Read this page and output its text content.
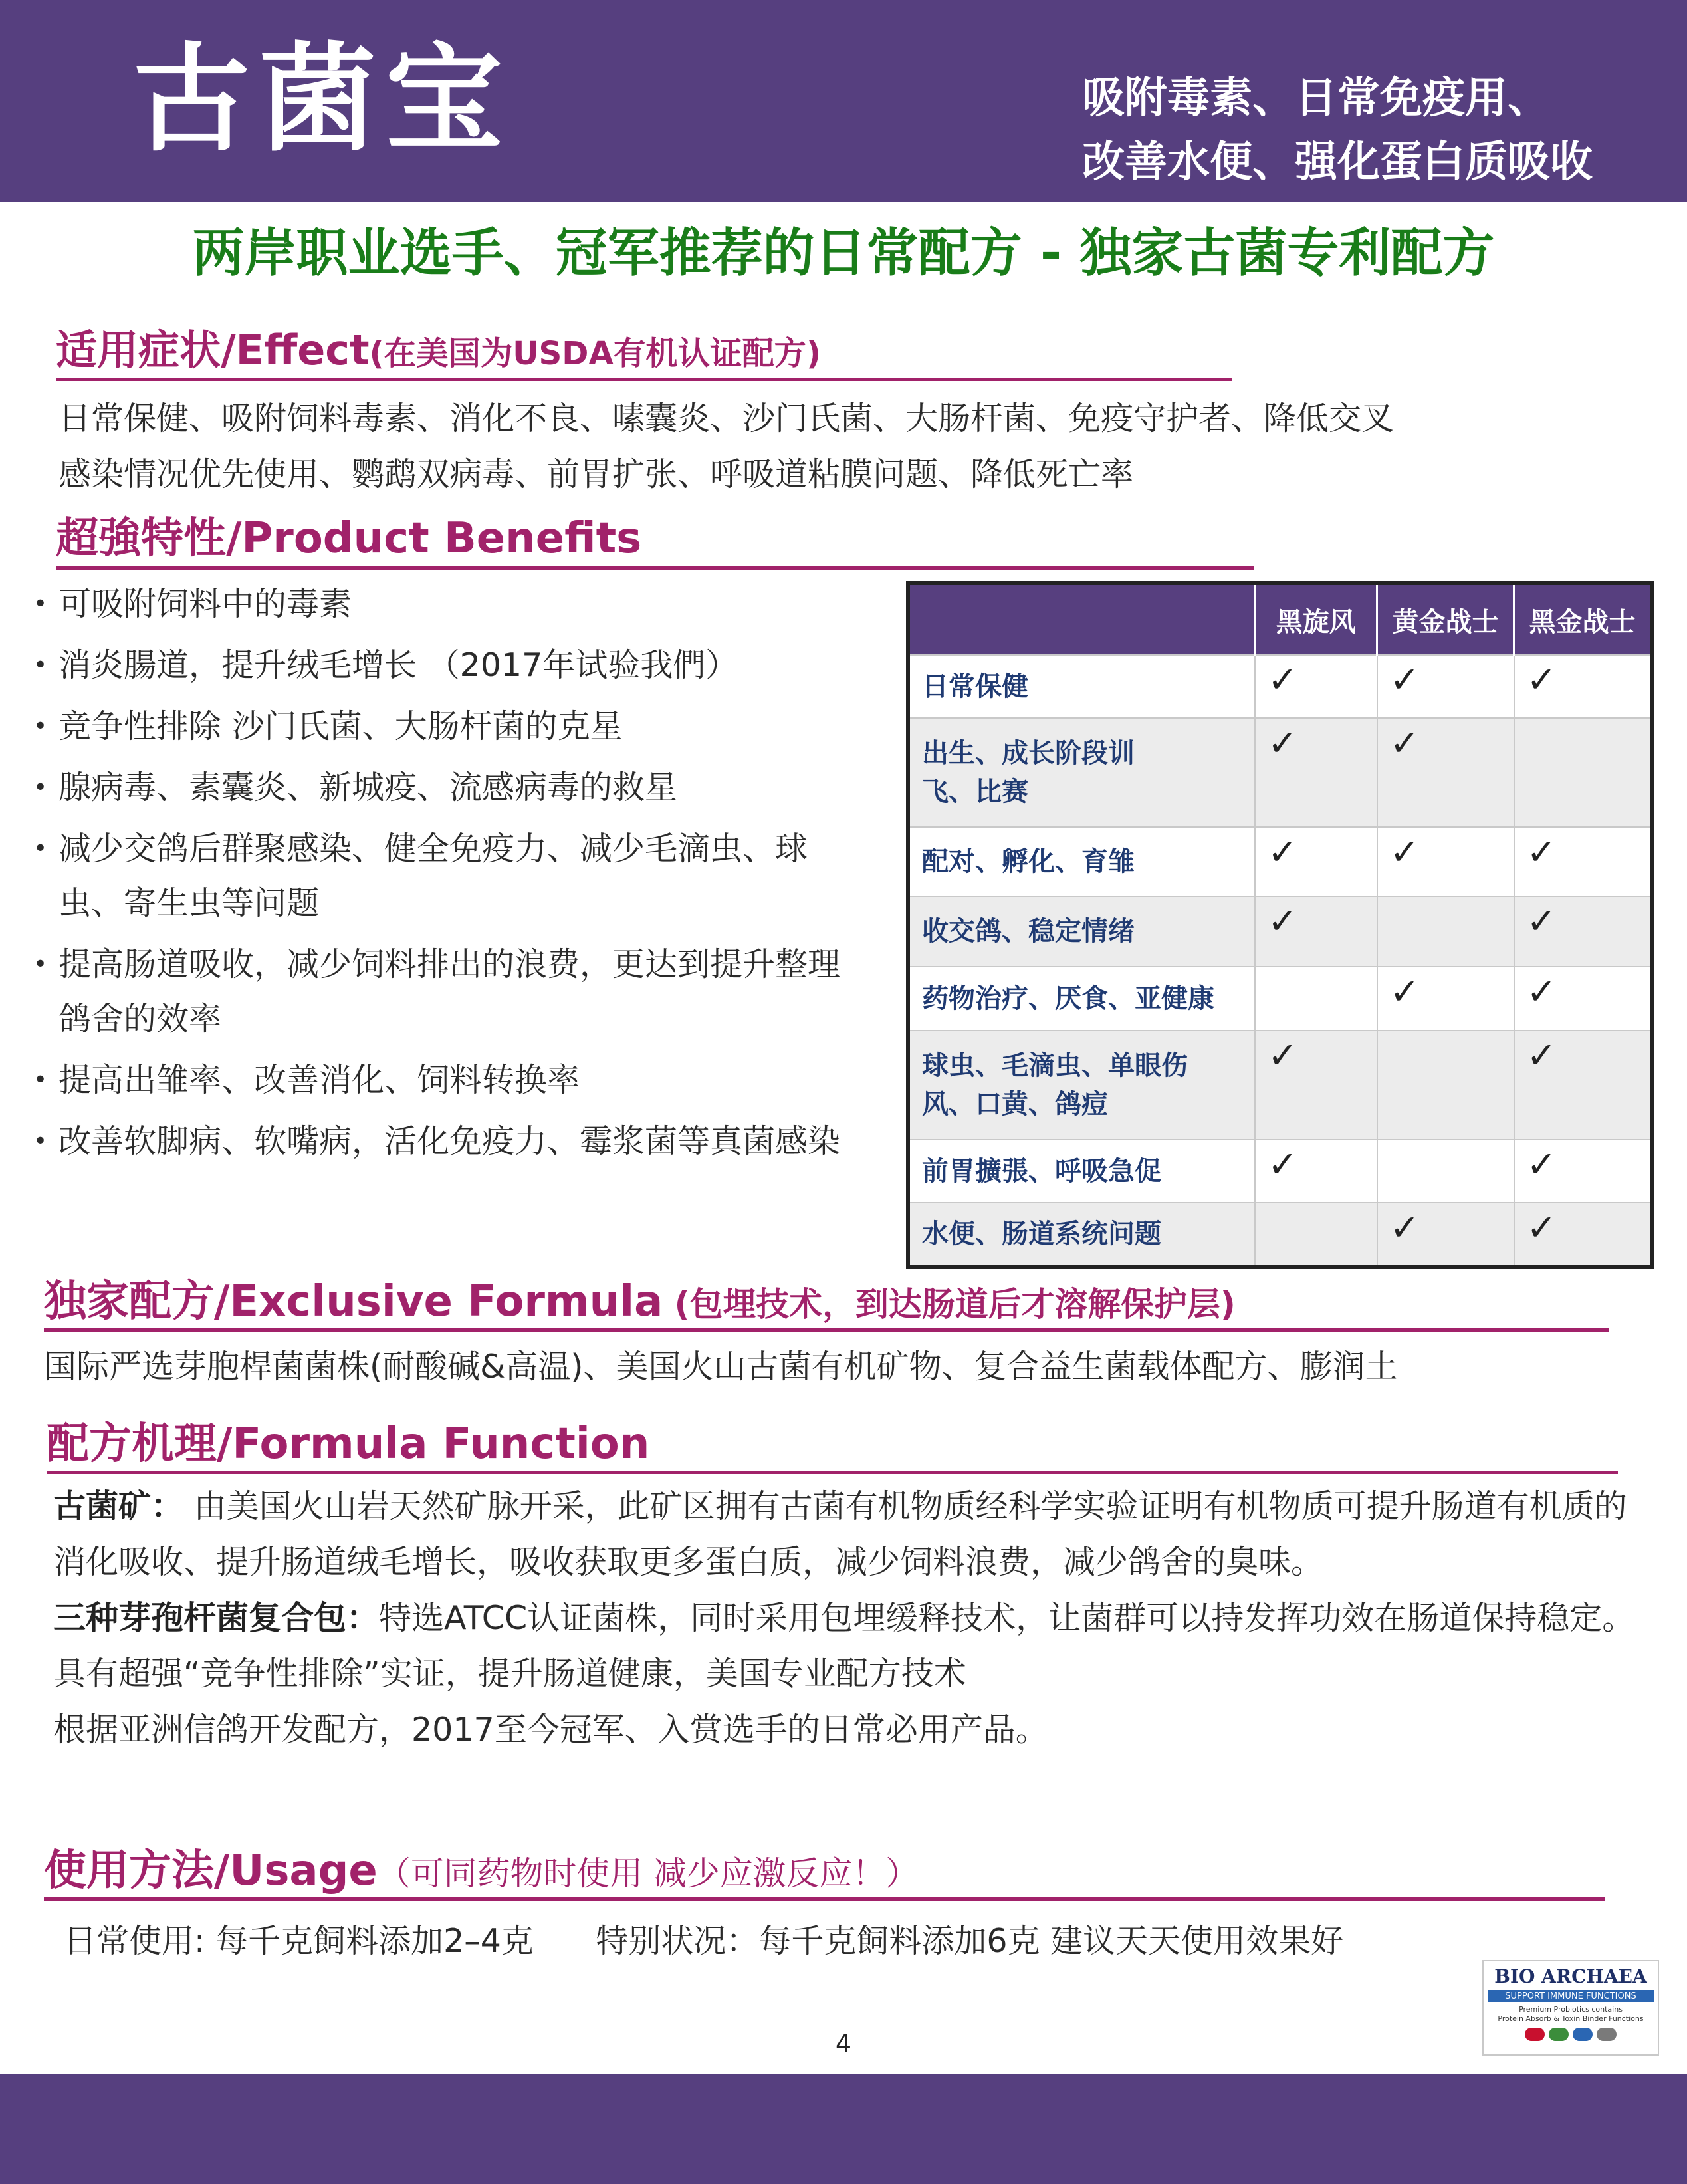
古菌宝	吸附毒素、日常免疫用、
改善水便、强化蛋白质吸收
两岸职业选手、冠军推荐的日常配方 - 独家古菌专利配方
适用症状/Effect(在美国为USDA有机认证配方)
日常保健、吸附饲料毒素、消化不良、嗉囊炎、沙门氏菌、大肠杆菌、免疫守护者、降低交叉
感染情况优先使用、鹦鹉双病毒、前胃扩张、呼吸道粘膜问题、降低死亡率
超強特性/Product Benefits
• 可吸附饲料中的毒素
• 消炎腸道，提升绒毛增长 （2017年试验我們）
• 竞争性排除 沙门氏菌、大肠杆菌的克星
• 腺病毒、素囊炎、新城疫、流感病毒的救星
• 减少交鸽后群聚感染、健全免疫力、减少毛滴虫、球虫、寄生虫等问题
• 提高肠道吸收，减少饲料排出的浪费，更达到提升整理鸽舍的效率
• 提高出雏率、改善消化、饲料转换率
• 改善软脚病、软嘴病，活化免疫力、霉浆菌等真菌感染
	黑旋风	黄金战士	黑金战士
日常保健	✓	✓	✓
出生、成长阶段训飞、比赛	✓	✓	
配对、孵化、育雏	✓	✓	✓
收交鸽、稳定情绪	✓		✓
药物治疗、厌食、亚健康		✓	✓
球虫、毛滴虫、单眼伤风、口黄、鸽痘	✓		✓
前胃擴張、呼吸急促	✓		✓
水便、肠道系统问题		✓	✓
独家配方/Exclusive Formula (包埋技术，到达肠道后才溶解保护层)
国际严选芽胞桿菌菌株(耐酸碱&高温)、美国火山古菌有机矿物、复合益生菌载体配方、膨润土
配方机理/Formula Function
古菌矿： 由美国火山岩天然矿脉开采，此矿区拥有古菌有机物质经科学实验证明有机物质可提升肠道有机质的消化吸收、提升肠道绒毛增长，吸收获取更多蛋白质，减少饲料浪费，减少鸽舍的臭味。
三种芽孢杆菌复合包：特选ATCC认证菌株，同时采用包埋缓释技术，让菌群可以持发挥功效在肠道保持稳定。具有超强“竞争性排除”实证，提升肠道健康，美国专业配方技术
根据亚洲信鸽开发配方，2017至今冠军、入赏选手的日常必用产品。
使用方法/Usage（可同药物时使用 减少应激反应！）
日常使用: 每千克飼料添加2–4克      特别状况：每千克飼料添加6克 建议天天使用效果好
BIO ARCHAEA
SUPPORT IMMUNE FUNCTIONS
Premium Probiotics contains
Protein Absorb & Toxin Binder Functions
4
